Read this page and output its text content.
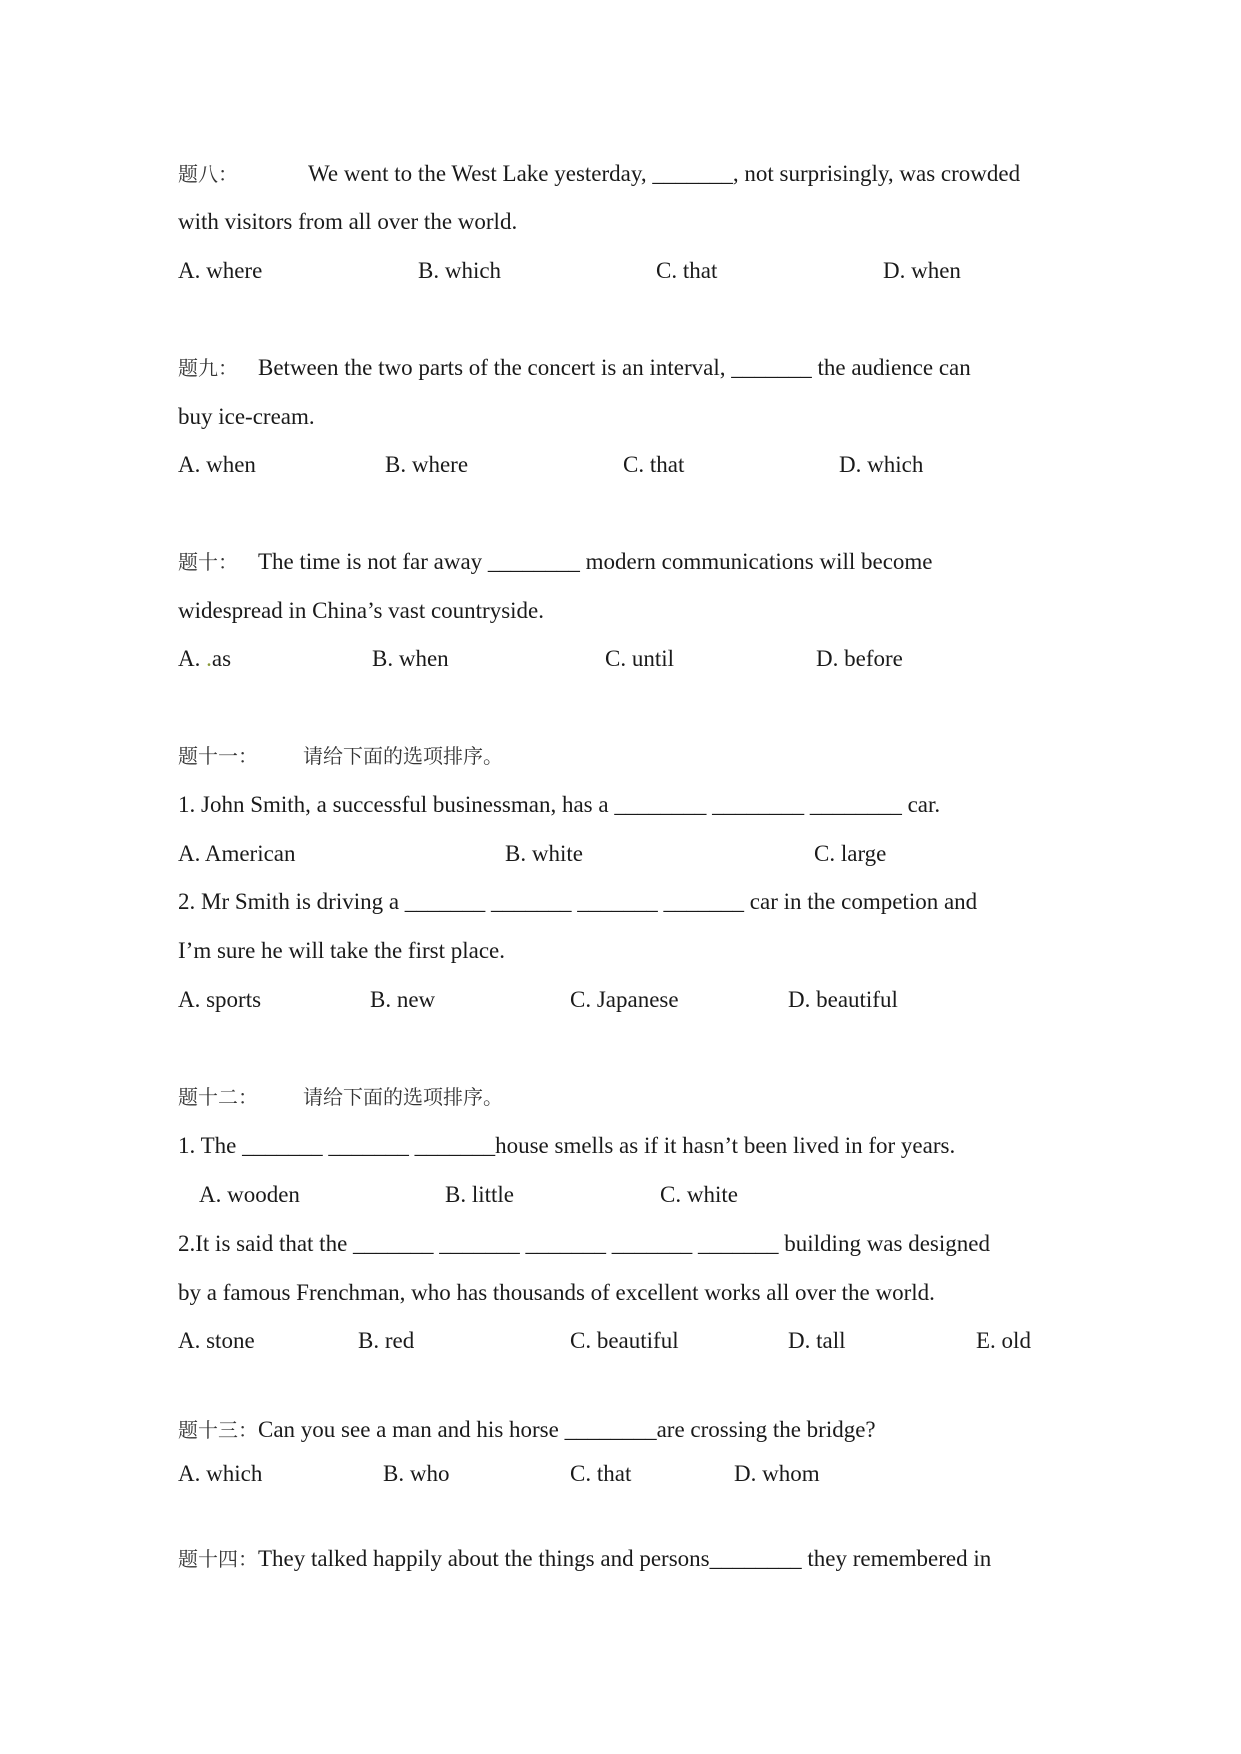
题八：	We went to the West Lake yesterday, _______, not surprisingly, was crowded
with visitors from all over the world.
A. where	B. which	C. that	D. when
题九： Between the two parts of the concert is an interval, _______ the audience can
buy ice-cream.
A. when	B. where	C. that	D. which
题十： The time is not far away ________ modern communications will become
widespread in China’s vast countryside.
A. .as	B. when	C. until	D. before
题十一： 请给下面的选项排序。
1. John Smith, a successful businessman, has a ________ ________ ________ car.
A. American	B. white	C. large
2. Mr Smith is driving a _______ _______ _______ _______ car in the competion and
I’m sure he will take the first place.
A. sports	B. new	C. Japanese	D. beautiful
题十二： 请给下面的选项排序。
1. The _______ _______ _______house smells as if it hasn’t been lived in for years.
A. wooden	B. little	C. white
2.It is said that the _______ _______ _______ _______ _______ building was designed
by a famous Frenchman, who has thousands of excellent works all over the world.
A. stone	B. red	C. beautiful	D. tall	E. old
题十三：Can you see a man and his horse ________are crossing the bridge?
A. which	B. who	C. that	D. whom
题十四：They talked happily about the things and persons________ they remembered in
